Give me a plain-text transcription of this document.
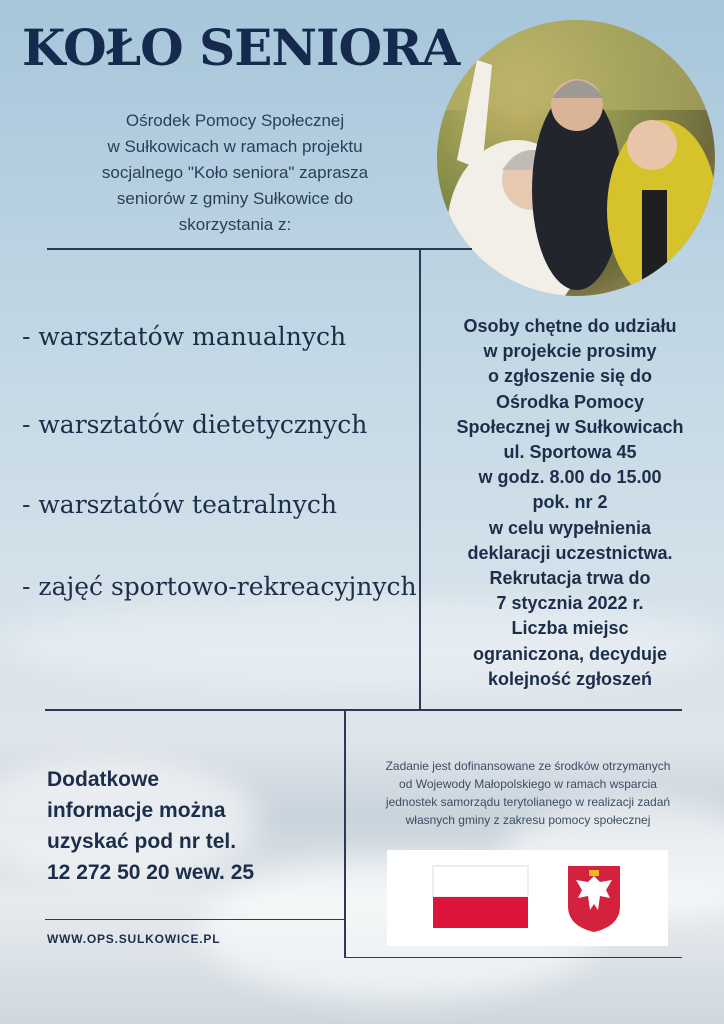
KOŁO SENIORA
Ośrodek Pomocy Społecznej
w Sułkowicach w ramach projektu
socjalnego "Koło seniora" zaprasza
seniorów z gminy Sułkowice do
skorzystania z:
- warsztatów manualnych
- warsztatów dietetycznych
- warsztatów teatralnych
- zajęć sportowo-rekreacyjnych
Osoby chętne do udziału
w projekcie prosimy
o zgłoszenie się do
Ośrodka Pomocy
Społecznej w Sułkowicach
ul. Sportowa 45
w godz. 8.00 do 15.00
pok. nr 2
w celu wypełnienia
deklaracji uczestnictwa.
Rekrutacja trwa do
7 stycznia 2022 r.
Liczba miejsc
ograniczona, decyduje
kolejność zgłoszeń
Dodatkowe
informacje można
uzyskać pod nr tel.
12 272 50 20 wew. 25
WWW.OPS.SULKOWICE.PL
Zadanie jest dofinansowane ze środków otrzymanych
od Wojewody Małopolskiego w ramach wsparcia
jednostek samorządu terytolianego w realizacji zadań
własnych gminy z zakresu pomocy społecznej
